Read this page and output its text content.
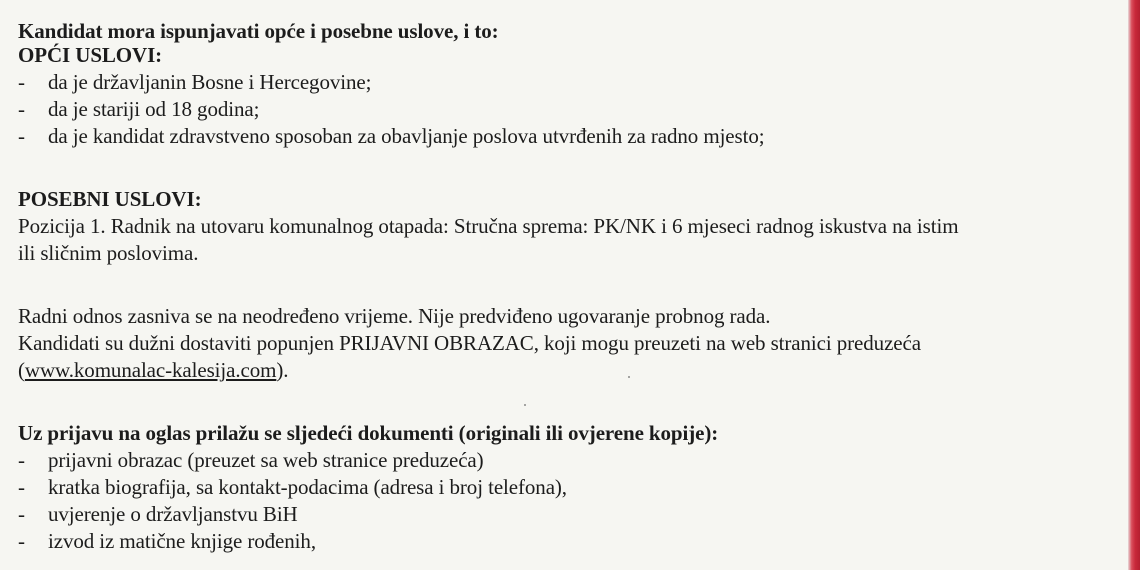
Kandidat mora ispunjavati opće i posebne uslove, i to:
OPĆI USLOVI:
- da je državljanin Bosne i Hercegovine;
- da je stariji od 18 godina;
- da je kandidat zdravstveno sposoban za obavljanje poslova utvrđenih za radno mjesto;
POSEBNI USLOVI:
Pozicija 1. Radnik na utovaru komunalnog otapada: Stručna sprema: PK/NK i 6 mjeseci radnog iskustva na istim
ili sličnim poslovima.
Radni odnos zasniva se na neodređeno vrijeme. Nije predviđeno ugovaranje probnog rada.
Kandidati su dužni dostaviti popunjen PRIJAVNI OBRAZAC, koji mogu preuzeti na web stranici preduzeća
(www.komunalac-kalesija.com).
Uz prijavu na oglas prilažu se sljedeći dokumenti (originali ili ovjerene kopije):
- prijavni obrazac (preuzet sa web stranice preduzeća)
- kratka biografija, sa kontakt-podacima (adresa i broj telefona),
- uvjerenje o državljanstvu BiH
- izvod iz matične knjige rođenih,
